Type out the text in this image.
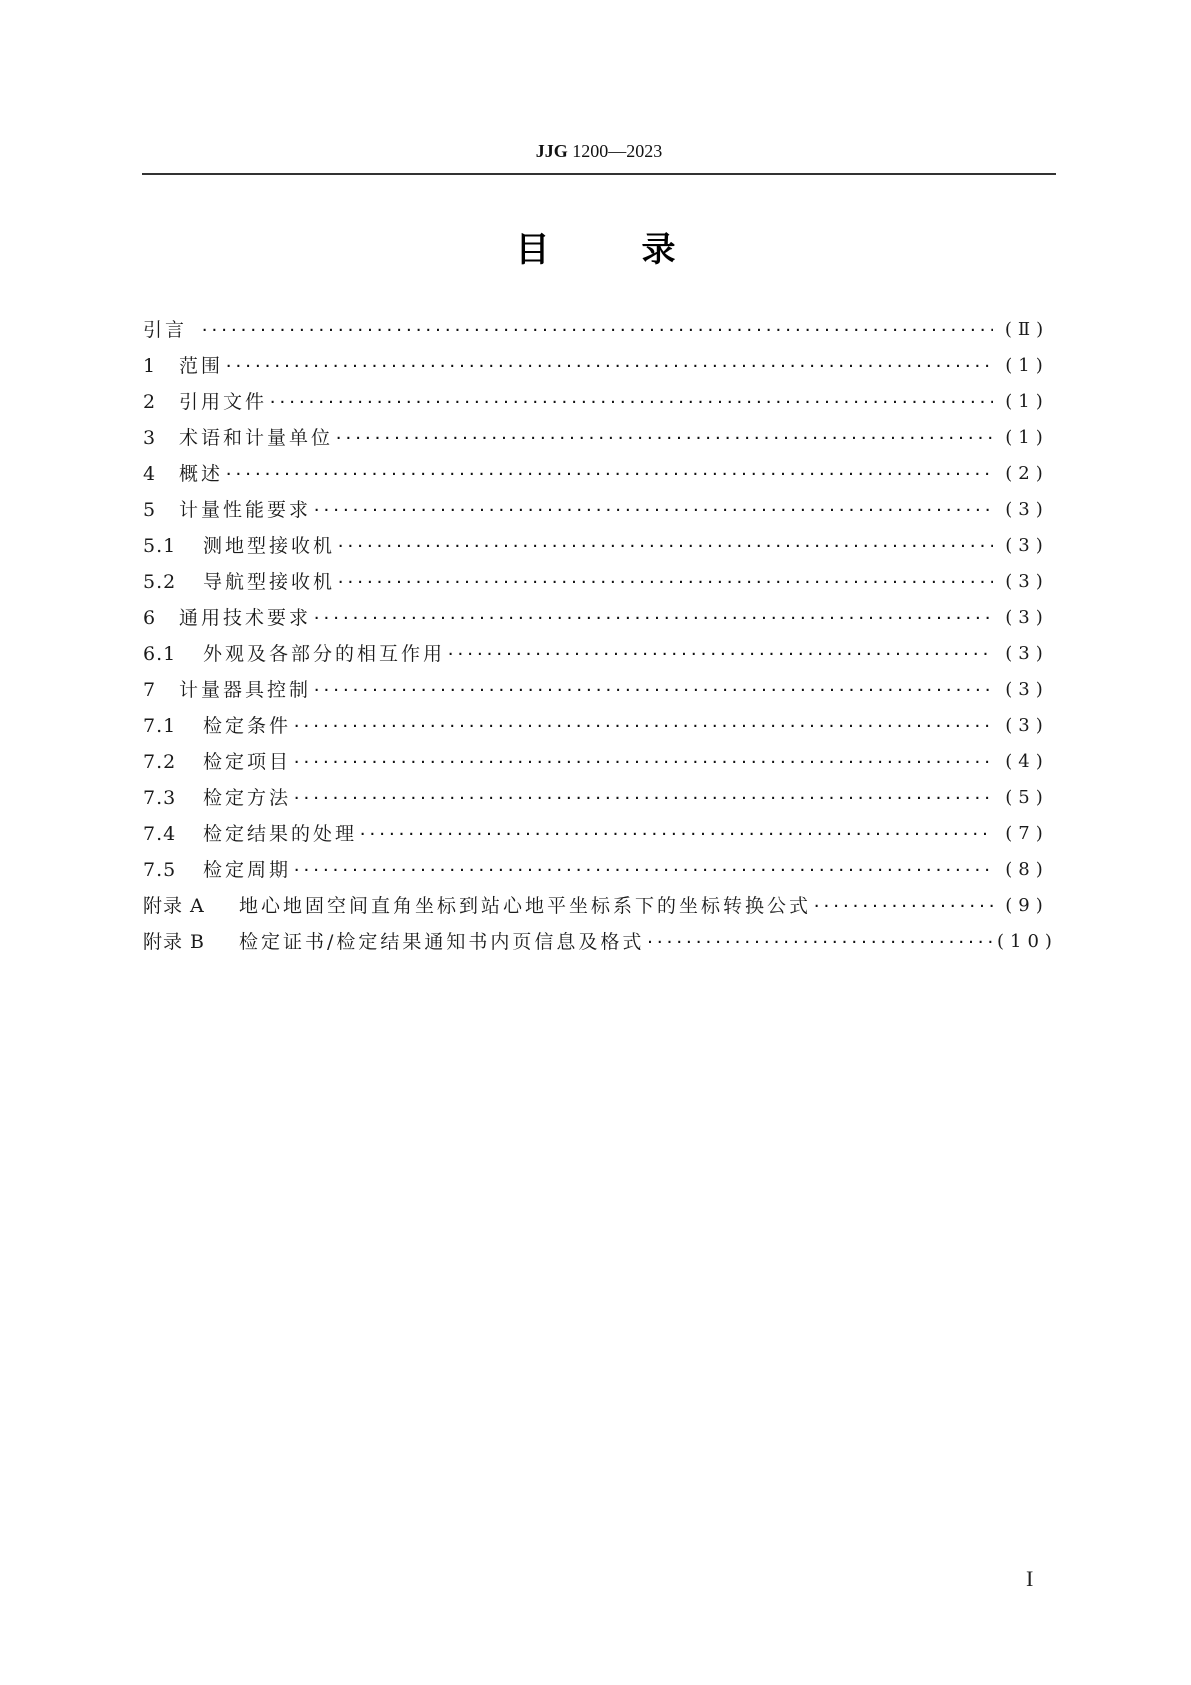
JJG 1200—2023
目	录
引言 ·····	(Ⅱ)
1	范围 ·····	(1)
2	引用文件 ·····	(1)
3	术语和计量单位 ·····	(1)
4	概述 ·····	(2)
5	计量性能要求 ·····	(3)
5.1	测地型接收机 ·····	(3)
5.2	导航型接收机 ·····	(3)
6	通用技术要求 ·····	(3)
6.1	外观及各部分的相互作用 ·····	(3)
7	计量器具控制 ·····	(3)
7.1	检定条件 ·····	(3)
7.2	检定项目 ·····	(4)
7.3	检定方法 ·····	(5)
7.4	检定结果的处理 ·····	(7)
7.5	检定周期 ·····	(8)
附录 A	地心地固空间直角坐标到站心地平坐标系下的坐标转换公式 ·····	(9)
附录 B	检定证书/检定结果通知书内页信息及格式 ·····	(10)
I
